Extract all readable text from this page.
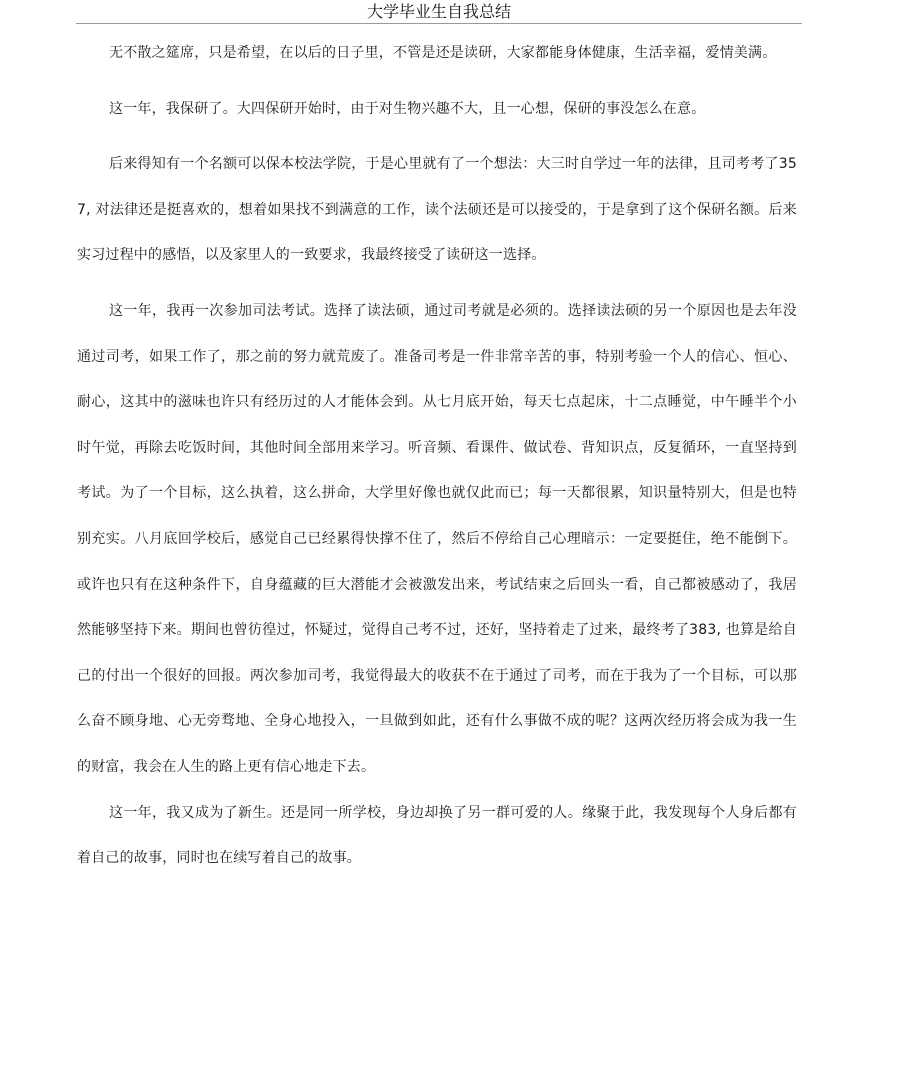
大学毕业生自我总结

无不散之筵席，只是希望，在以后的日子里，不管是还是读研，大家都能身体健康，生活幸福，爱情美满。

这一年，我保研了。大四保研开始时，由于对生物兴趣不大，且一心想，保研的事没怎么在意。

后来得知有一个名额可以保本校法学院，于是心里就有了一个想法：大三时自学过一年的法律，且司考考了357, 对法律还是挺喜欢的，想着如果找不到满意的工作，读个法硕还是可以接受的，于是拿到了这个保研名额。后来实习过程中的感悟，以及家里人的一致要求，我最终接受了读研这一选择。

这一年，我再一次参加司法考试。选择了读法硕，通过司考就是必须的。选择读法硕的另一个原因也是去年没通过司考，如果工作了，那之前的努力就荒废了。准备司考是一件非常辛苦的事，特别考验一个人的信心、恒心、耐心，这其中的滋味也许只有经历过的人才能体会到。从七月底开始，每天七点起床，十二点睡觉，中午睡半个小时午觉，再除去吃饭时间，其他时间全部用来学习。听音频、看课件、做试卷、背知识点，反复循环，一直坚持到考试。为了一个目标，这么执着，这么拼命，大学里好像也就仅此而已；每一天都很累，知识量特别大，但是也特别充实。八月底回学校后，感觉自己已经累得快撑不住了，然后不停给自己心理暗示：一定要挺住，绝不能倒下。或许也只有在这种条件下，自身蕴藏的巨大潜能才会被激发出来，考试结束之后回头一看，自己都被感动了，我居然能够坚持下来。期间也曾彷徨过，怀疑过，觉得自己考不过，还好，坚持着走了过来，最终考了383, 也算是给自己的付出一个很好的回报。两次参加司考，我觉得最大的收获不在于通过了司考，而在于我为了一个目标，可以那么奋不顾身地、心无旁骛地、全身心地投入，一旦做到如此，还有什么事做不成的呢？这两次经历将会成为我一生的财富，我会在人生的路上更有信心地走下去。

这一年，我又成为了新生。还是同一所学校，身边却换了另一群可爱的人。缘聚于此，我发现每个人身后都有着自己的故事，同时也在续写着自己的故事。
